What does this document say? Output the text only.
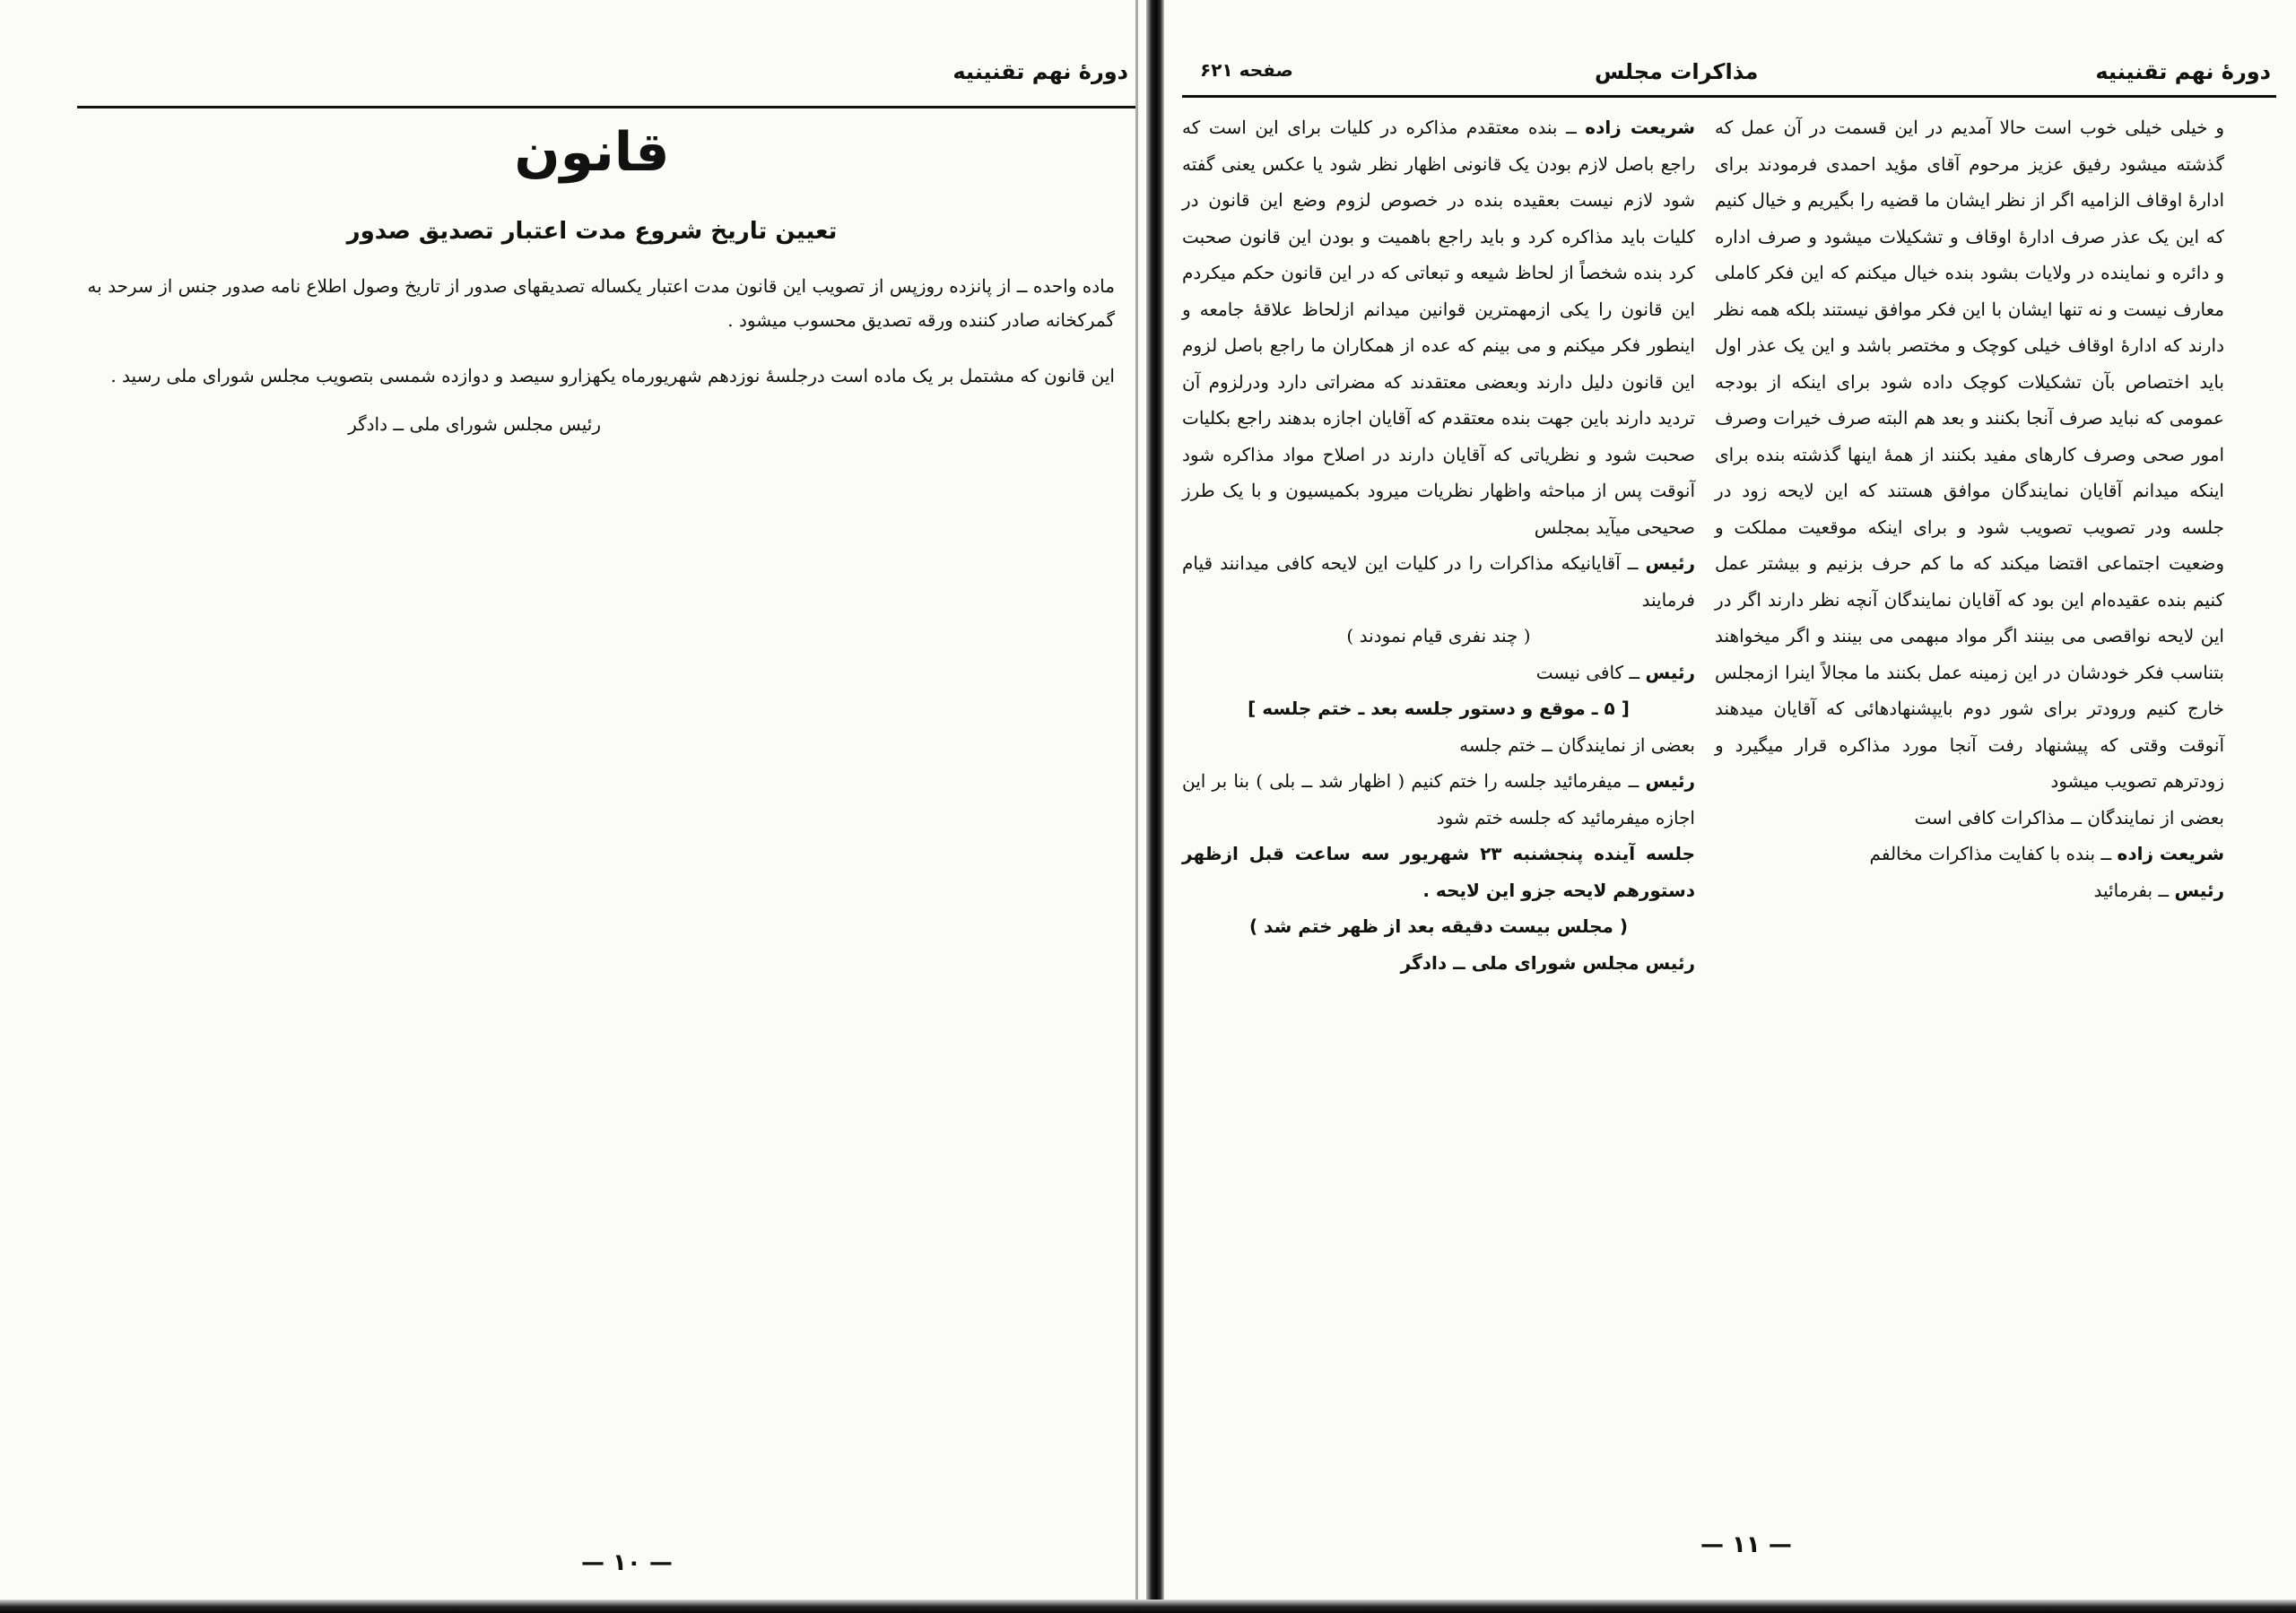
دورهٔ نهم تقنینیه
قانون
تعیین تاریخ شروع مدت اعتبار تصدیق صدور
ماده واحده ــ از پانزده روزپس از تصویب این قانون مدت اعتبار یکساله تصدیقهای صدور از تاریخ وصول اطلاع نامه صدور جنس از سرحد به گمرکخانه صادر کننده ورقه تصدیق محسوب میشود .
این قانون که مشتمل بر یک ماده است درجلسهٔ نوزدهم شهریورماه یکهزارو سیصد و دوازده شمسی بتصویب مجلس شورای ملی رسید .
رئیس مجلس شورای ملی ــ دادگر
— ۱۰ —
دورهٔ نهم تقنینیه
مذاکرات مجلس
صفحه ۶۲۱
— ۱۱ —

و خیلی خیلی خوب است حالا آمدیم در این قسمت در آن عمل که گذشته میشود رفیق عزیز مرحوم آقای مؤید احمدی فرمودند برای ادارهٔ اوقاف الزامیه اگر از نظر ایشان ما قضیه را بگیریم و خیال کنیم که این یک عذر صرف ادارهٔ اوقاف و تشکیلات میشود و صرف اداره و دائره و نماینده در ولایات بشود بنده خیال میکنم که این فکر کاملی معارف نیست و نه تنها ایشان با این فکر موافق نیستند بلکه همه نظر دارند که ادارهٔ اوقاف خیلی کوچک و مختصر باشد و این یک عذر اول باید اختصاص بآن تشکیلات کوچک داده شود برای اینکه از بودجه عمومی که نباید صرف آنجا بکنند و بعد هم البته صرف خیرات وصرف امور صحی وصرف کارهای مفید بکنند از همهٔ اینها گذشته بنده برای اینکه میدانم آقایان نمایندگان موافق هستند که این لایحه زود در جلسه ودر تصویب تصویب شود و برای اینکه موقعیت مملکت و وضعیت اجتماعی اقتضا میکند که ما کم حرف بزنیم و بیشتر عمل کنیم بنده عقیده‌ام این بود که آقایان نمایندگان آنچه نظر دارند اگر در این لایحه نواقصی می بینند اگر مواد مبهمی می بینند و اگر میخواهند بتناسب فکر خودشان در این زمینه عمل بکنند ما مجالاً اینرا ازمجلس خارج کنیم ورودتر برای شور دوم بایپشنهادهائی که آقایان میدهند آنوقت وقتی که پیشنهاد رفت آنجا مورد مذاکره قرار میگیرد و زودترهم تصویب میشود

بعضی از نمایندگان ــ مذاکرات کافی است

شریعت زاده ــ بنده با کفایت مذاکرات مخالفم

رئیس ــ بفرمائید

شریعت زاده ــ بنده معتقدم مذاکره در کلیات برای این است که راجع باصل لازم بودن یک قانونی اظهار نظر شود یا عکس یعنی گفته شود لازم نیست بعقیده بنده در خصوص لزوم وضع این قانون در کلیات باید مذاکره کرد و باید راجع باهمیت و بودن این قانون صحبت کرد بنده شخصاً از لحاظ شیعه و تبعاتی که در این قانون حکم میکردم این قانون را یکی ازمهمترین قوانین میدانم ازلحاظ علاقهٔ جامعه و اینطور فکر میکنم و می بینم که عده از همکاران ما راجع باصل لزوم این قانون دلیل دارند وبعضی معتقدند که مضراتی دارد ودرلزوم آن تردید دارند باین جهت بنده معتقدم که آقایان اجازه بدهند راجع بکلیات صحبت شود و نظریاتی که آقایان دارند در اصلاح مواد مذاکره شود آنوقت پس از مباحثه واظهار نظریات میرود بکمیسیون و با یک طرز صحیحی میآید بمجلس

رئیس ــ آقایانیکه مذاکرات را در کلیات این لایحه کافی میدانند قیام فرمایند

( چند نفری قیام نمودند )

رئیس ــ کافی نیست

[ ۵ ـ موقع و دستور جلسه بعد ـ ختم جلسه ]

بعضی از نمایندگان ــ ختم جلسه

رئیس ــ میفرمائید جلسه را ختم کنیم ( اظهار شد ــ بلی ) بنا بر این اجازه میفرمائید که جلسه ختم شود

جلسه آینده پنجشنبه ۲۳ شهریور سه ساعت قبل ازظهر دستورهم لایحه جزو این لایحه .

( مجلس بیست دقیقه بعد از ظهر ختم شد )

رئیس مجلس شورای ملی ــ دادگر
